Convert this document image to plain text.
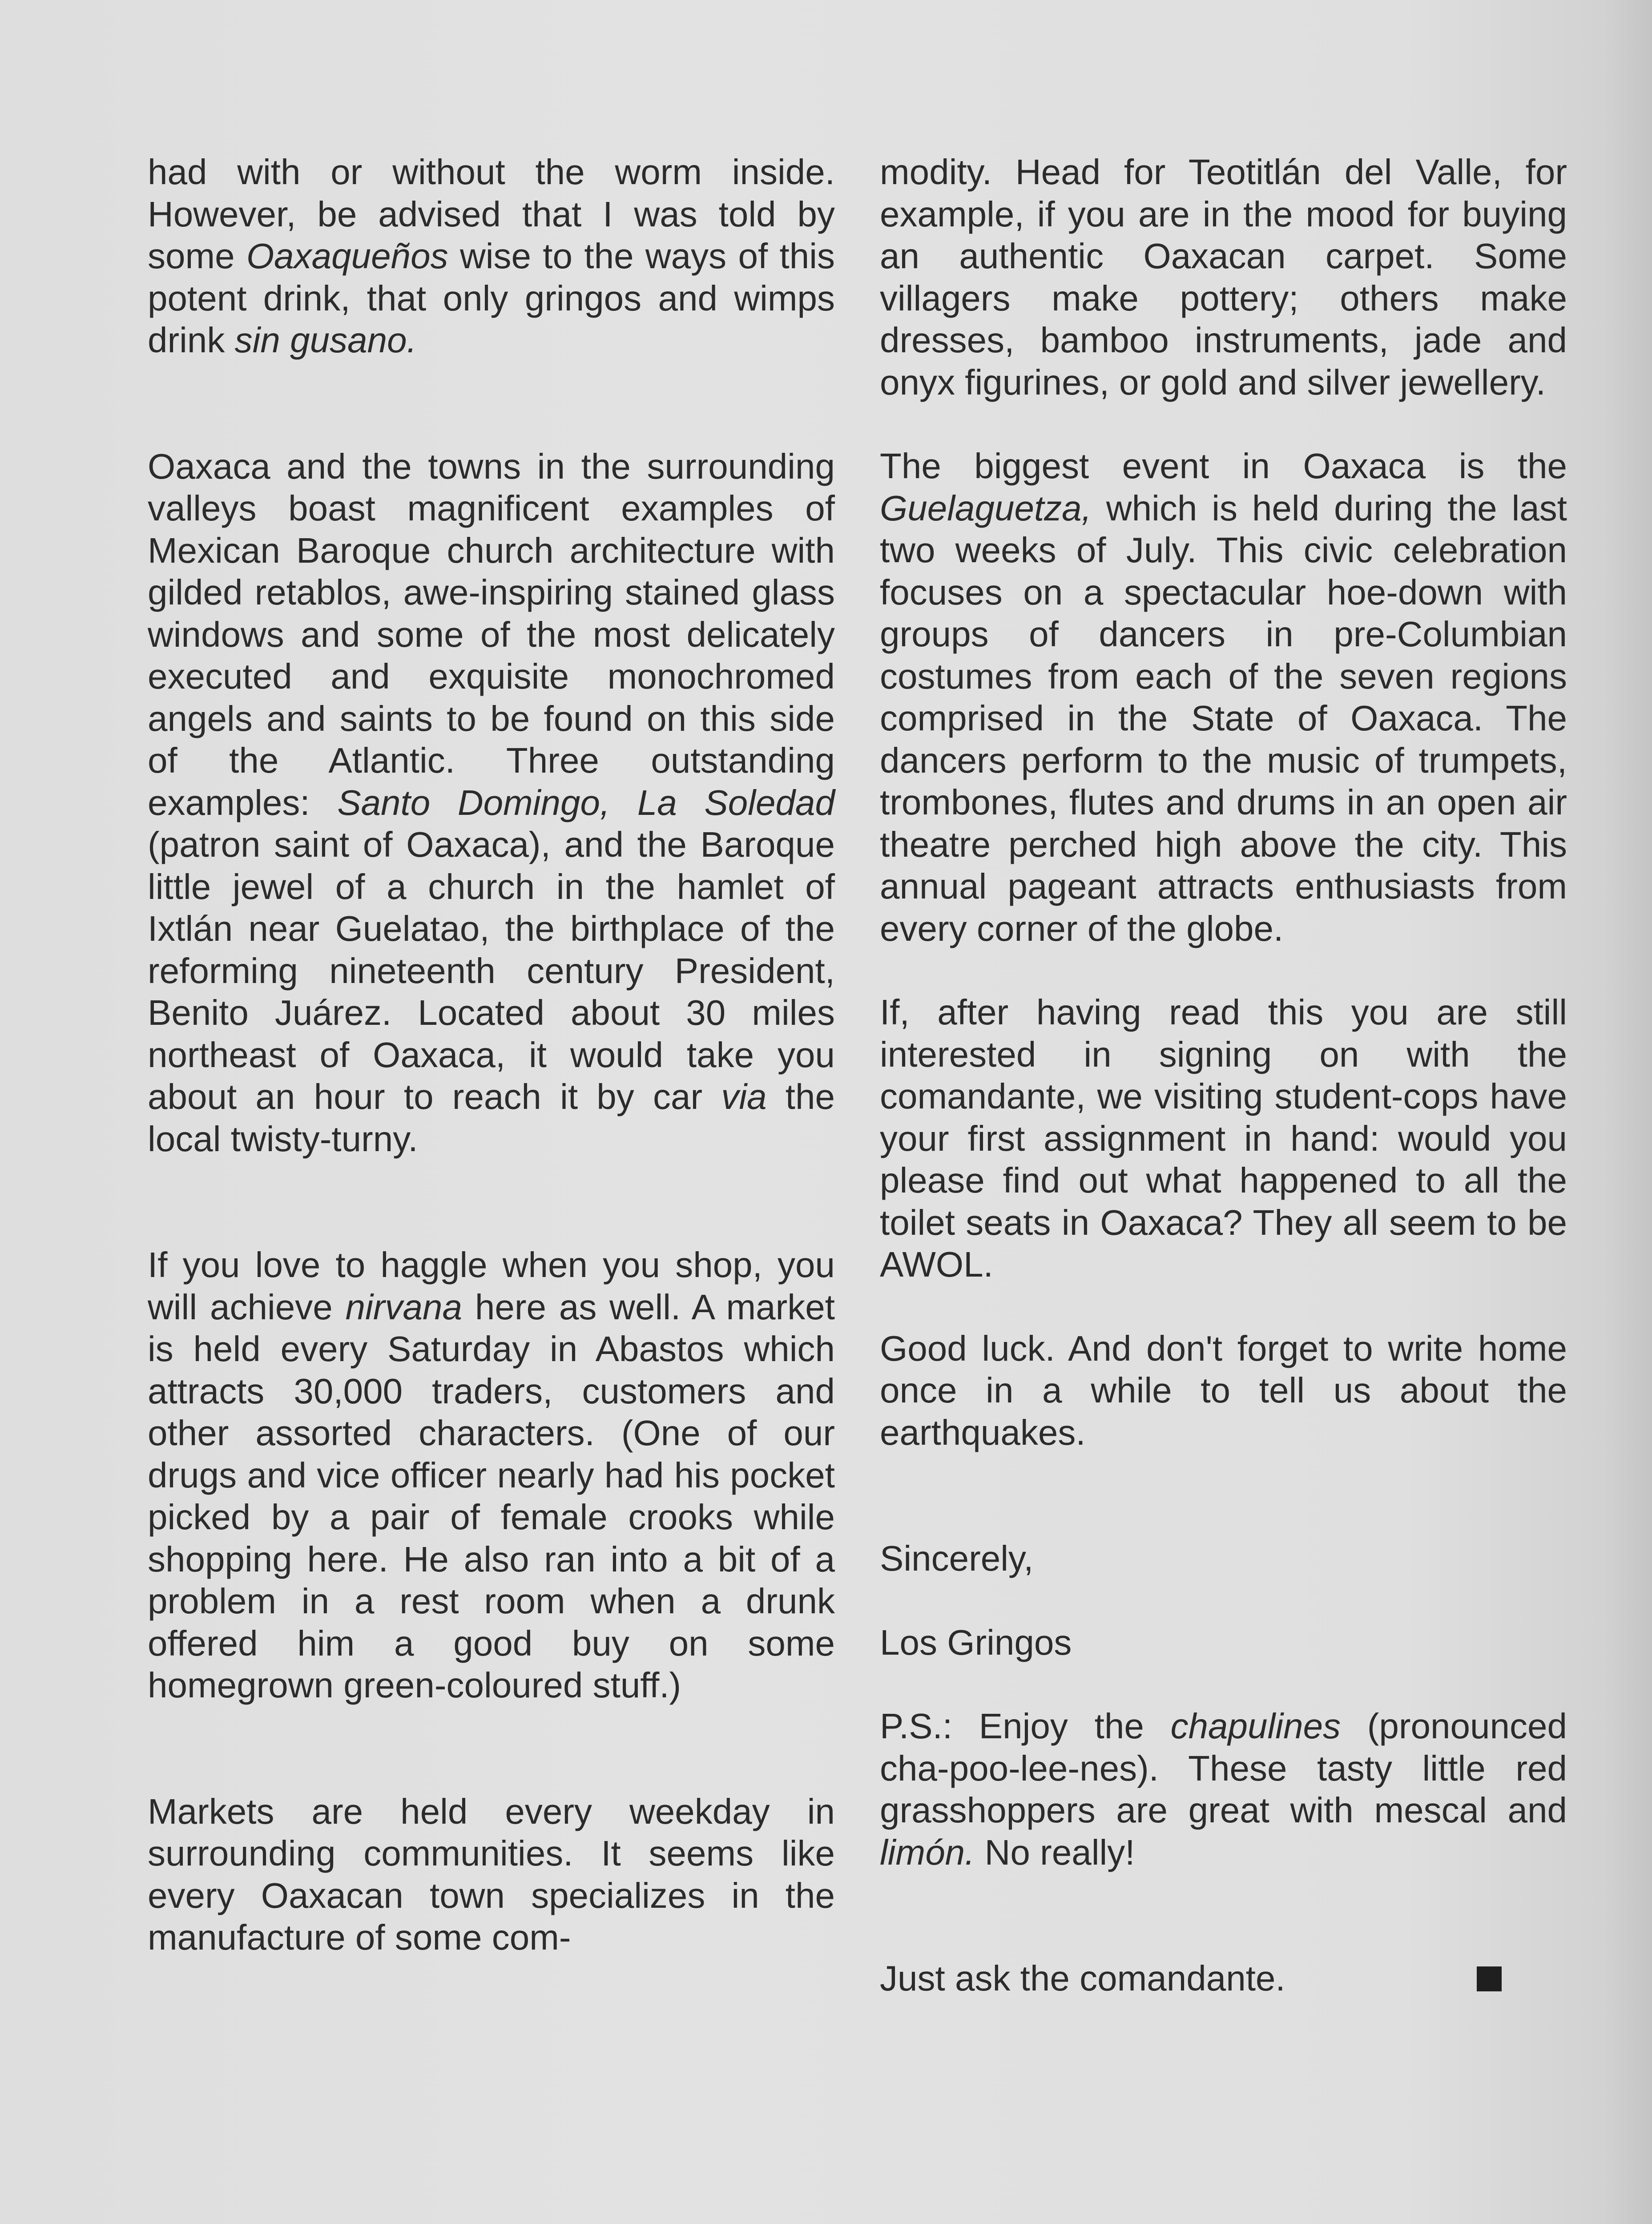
had with or without the worm inside. However, be advised that I was told by some Oaxaqueños wise to the ways of this potent drink, that only gringos and wimps drink sin gusano.

Oaxaca and the towns in the surrounding valleys boast magnificent examples of Mexican Baroque church architecture with gilded retablos, awe-inspiring stained glass windows and some of the most delicately executed and exquisite monochromed angels and saints to be found on this side of the Atlantic. Three outstanding examples: Santo Domingo, La Soledad (patron saint of Oaxaca), and the Baroque little jewel of a church in the hamlet of Ixtlán near Guelatao, the birthplace of the reforming nineteenth century President, Benito Juárez. Located about 30 miles northeast of Oaxaca, it would take you about an hour to reach it by car via the local twisty-turny.

If you love to haggle when you shop, you will achieve nirvana here as well. A market is held every Saturday in Abastos which attracts 30,000 traders, customers and other assorted characters. (One of our drugs and vice officer nearly had his pocket picked by a pair of female crooks while shopping here. He also ran into a bit of a problem in a rest room when a drunk offered him a good buy on some homegrown green-coloured stuff.)

Markets are held every weekday in surrounding communities. It seems like every Oaxacan town specializes in the manufacture of some com-

modity. Head for Teotitlán del Valle, for example, if you are in the mood for buying an authentic Oaxacan carpet. Some villagers make pottery; others make dresses, bamboo instruments, jade and onyx figurines, or gold and silver jewellery.

The biggest event in Oaxaca is the Guelaguetza, which is held during the last two weeks of July. This civic celebration focuses on a spectacular hoe-down with groups of dancers in pre-Columbian costumes from each of the seven regions comprised in the State of Oaxaca. The dancers perform to the music of trumpets, trombones, flutes and drums in an open air theatre perched high above the city. This annual pageant attracts enthusiasts from every corner of the globe.

If, after having read this you are still interested in signing on with the comandante, we visiting student-cops have your first assignment in hand: would you please find out what happened to all the toilet seats in Oaxaca? They all seem to be AWOL.

Good luck. And don't forget to write home once in a while to tell us about the earthquakes.

Sincerely,

Los Gringos

P.S.: Enjoy the chapulines (pronounced cha-poo-lee-nes). These tasty little red grasshoppers are great with mescal and limón. No really!

Just ask the comandante.
